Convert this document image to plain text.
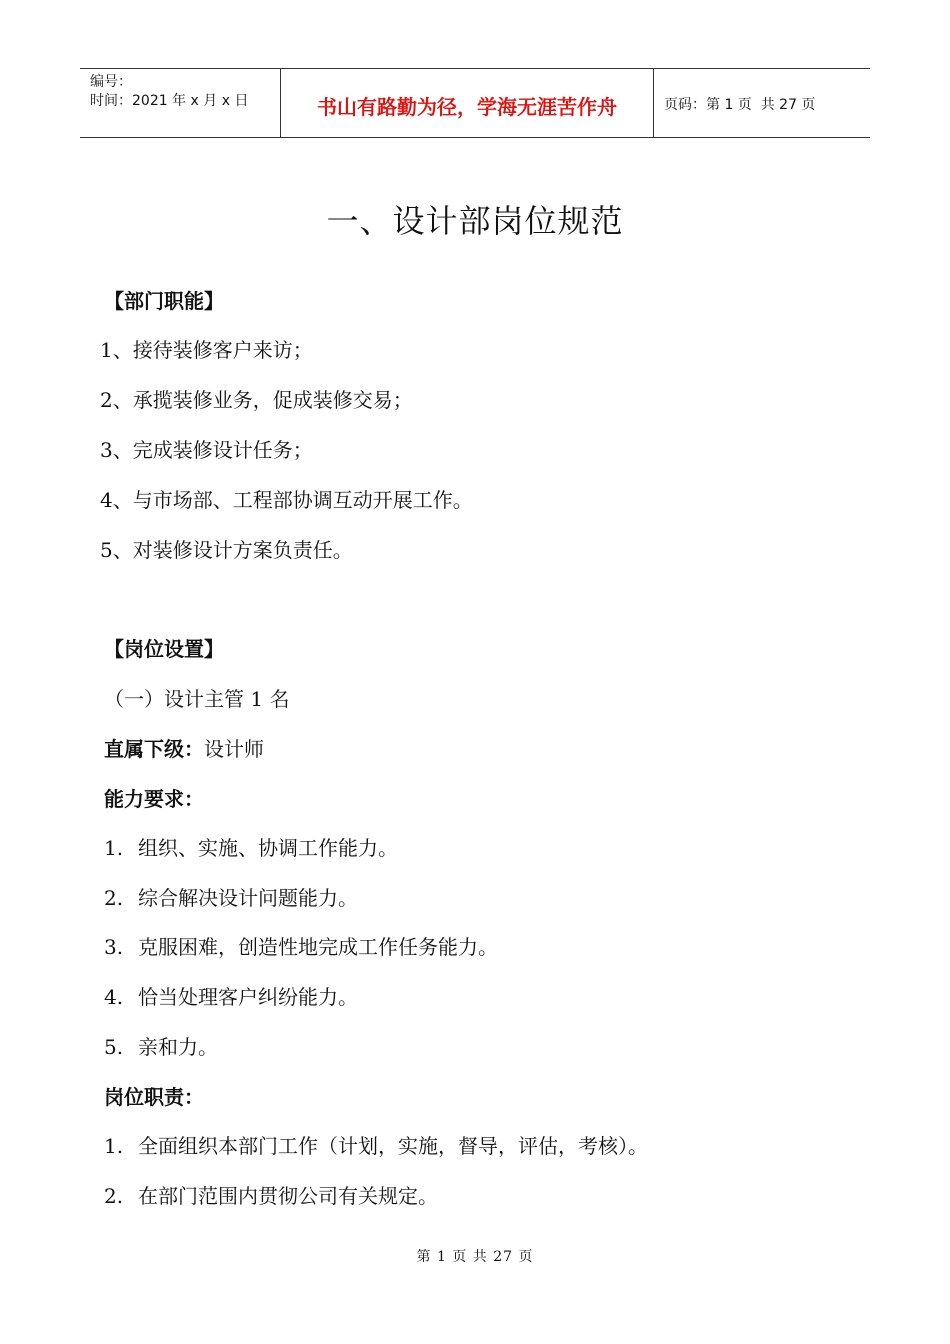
编号：
时间：2021 年 x 月 x 日	书山有路勤为径，学海无涯苦作舟	页码：第 1 页  共 27 页
一、设计部岗位规范
【部门职能】
1、接待装修客户来访；
2、承揽装修业务，促成装修交易；
3、完成装修设计任务；
4、与市场部、工程部协调互动开展工作。
5、对装修设计方案负责任。
【岗位设置】
（一）设计主管 1 名
直属下级：设计师
能力要求：
1. 组织、实施、协调工作能力。
2. 综合解决设计问题能力。
3. 克服困难，创造性地完成工作任务能力。
4. 恰当处理客户纠纷能力。
5. 亲和力。
岗位职责：
1. 全面组织本部门工作（计划，实施，督导，评估，考核）。
2. 在部门范围内贯彻公司有关规定。
第 1 页 共 27 页
